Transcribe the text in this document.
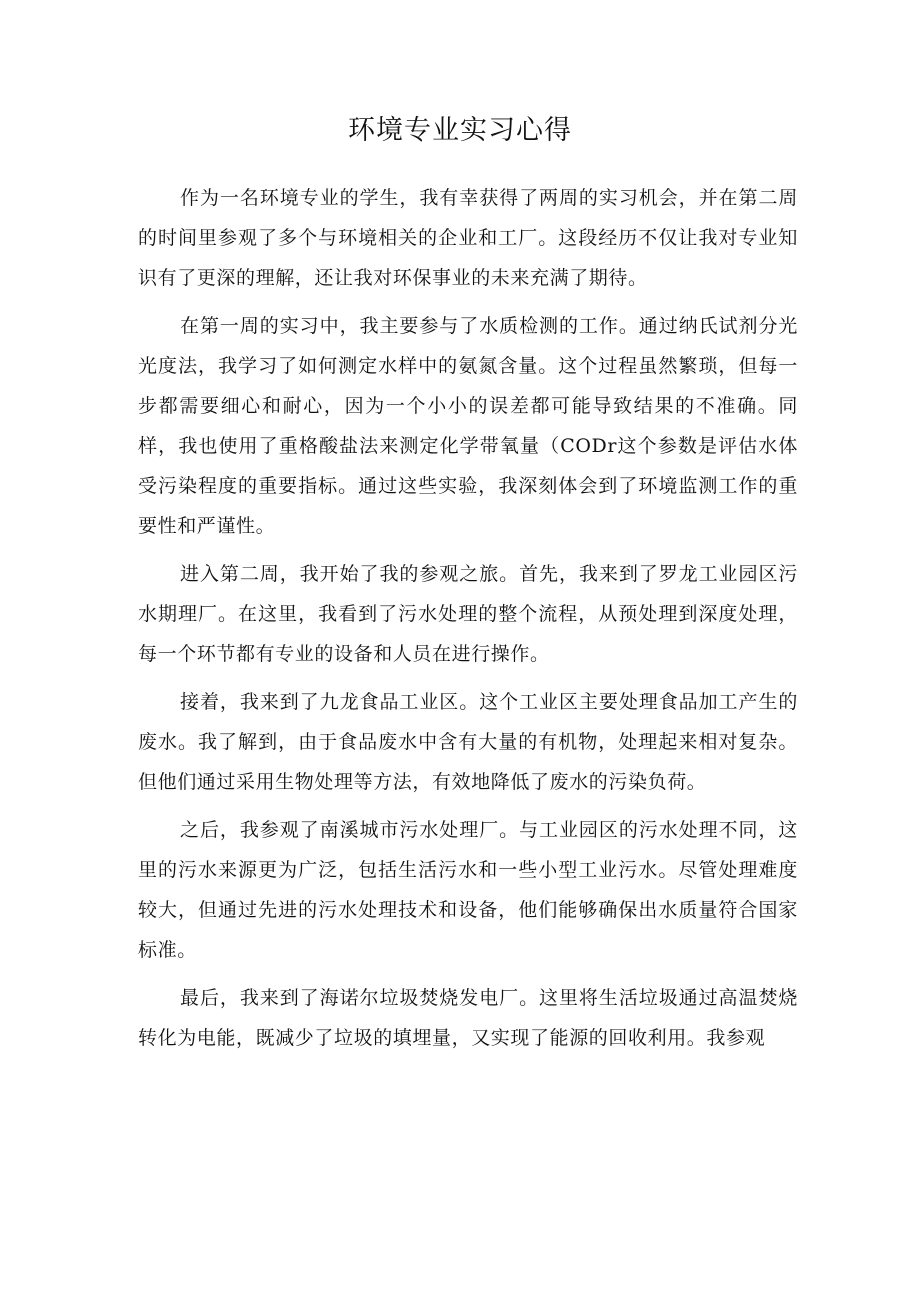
环境专业实习心得

作为一名环境专业的学生，我有幸获得了两周的实习机会，并在第二周的时间里参观了多个与环境相关的企业和工厂。这段经历不仅让我对专业知识有了更深的理解，还让我对环保事业的未来充满了期待。

在第一周的实习中，我主要参与了水质检测的工作。通过纳氏试剂分光光度法，我学习了如何测定水样中的氨氮含量。这个过程虽然繁琐，但每一步都需要细心和耐心，因为一个小小的误差都可能导致结果的不准确。同样，我也使用了重格酸盐法来测定化学带氧量（CODr这个参数是评估水体受污染程度的重要指标。通过这些实验，我深刻体会到了环境监测工作的重要性和严谨性。

进入第二周，我开始了我的参观之旅。首先，我来到了罗龙工业园区污水期理厂。在这里，我看到了污水处理的整个流程，从预处理到深度处理，每一个环节都有专业的设备和人员在进行操作。

接着，我来到了九龙食品工业区。这个工业区主要处理食品加工产生的废水。我了解到，由于食品废水中含有大量的有机物，处理起来相对复杂。但他们通过采用生物处理等方法，有效地降低了废水的污染负荷。

之后，我参观了南溪城市污水处理厂。与工业园区的污水处理不同，这里的污水来源更为广泛，包括生活污水和一些小型工业污水。尽管处理难度较大，但通过先进的污水处理技术和设备，他们能够确保出水质量符合国家标准。

最后，我来到了海诺尔垃圾焚烧发电厂。这里将生活垃圾通过高温焚烧转化为电能，既减少了垃圾的填埋量，又实现了能源的回收利用。我参观
